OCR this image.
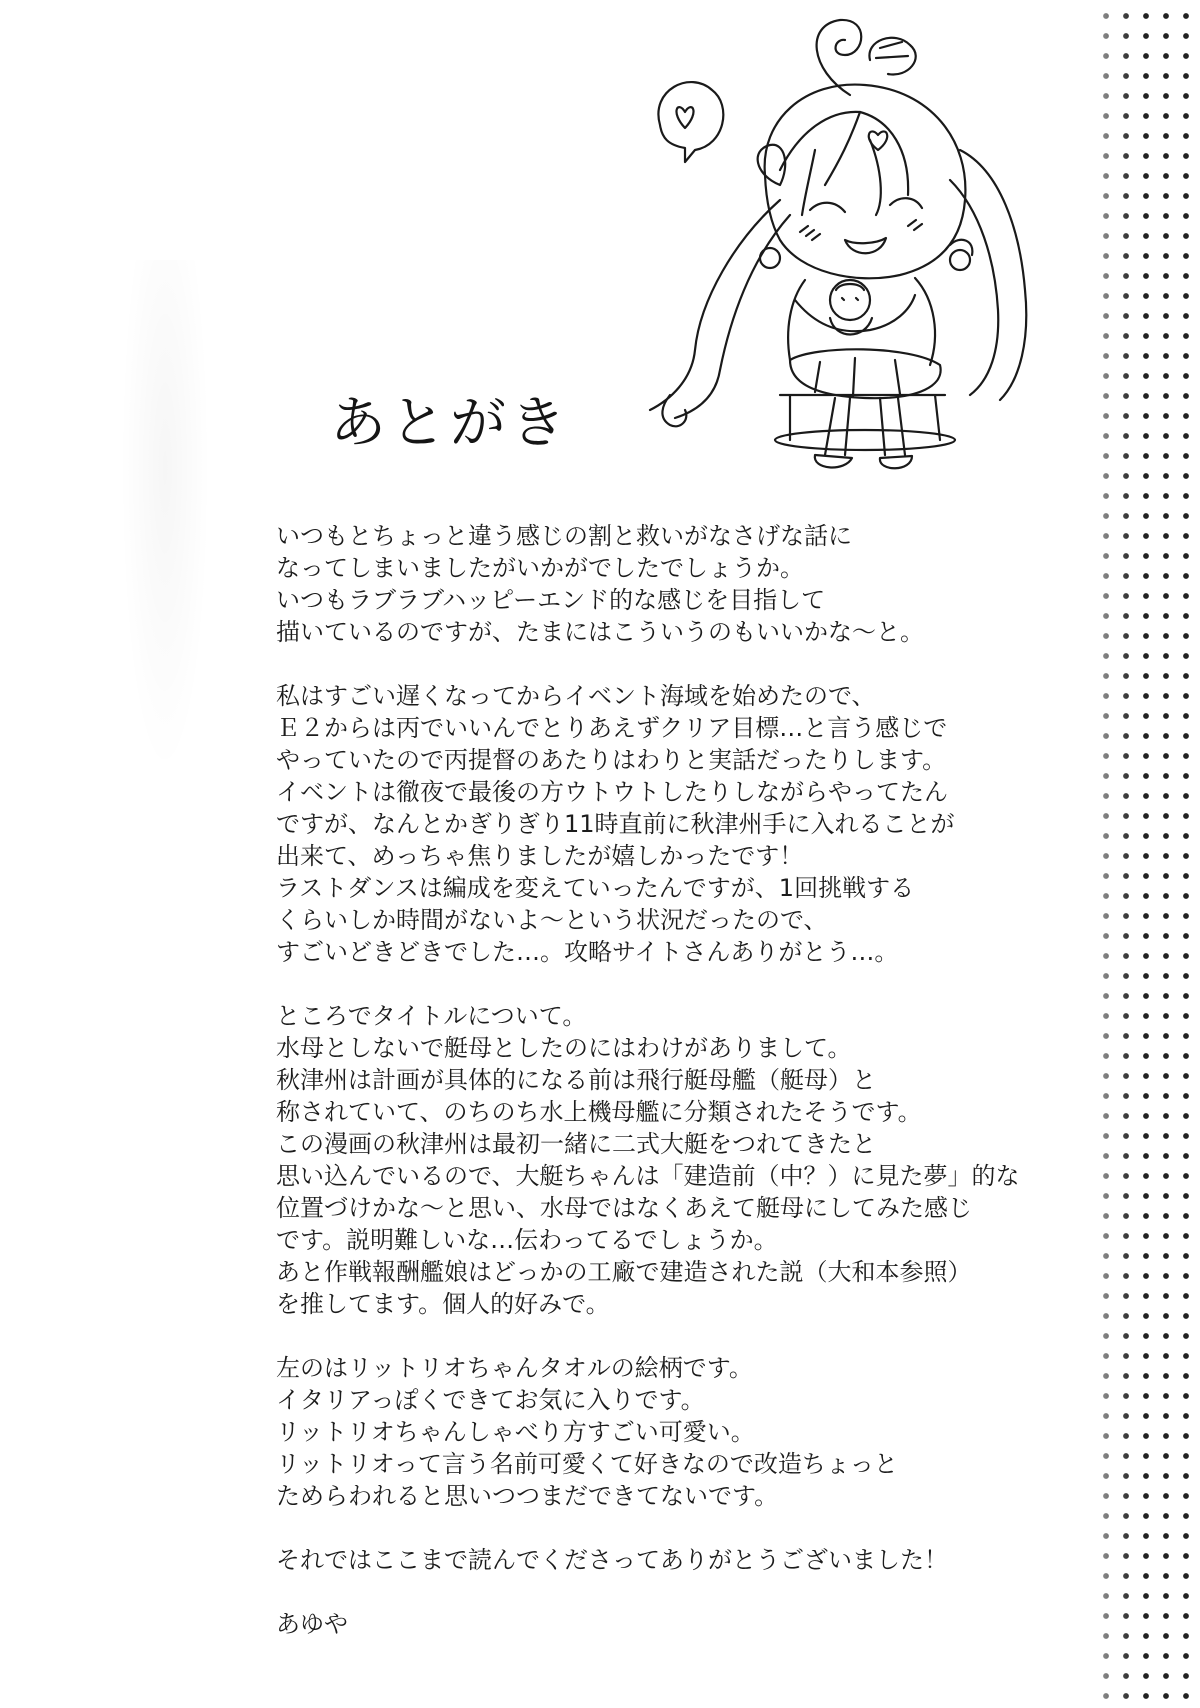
あとがき
いつもとちょっと違う感じの割と救いがなさげな話に
なってしまいましたがいかがでしたでしょうか。
いつもラブラブハッピーエンド的な感じを目指して
描いているのですが、たまにはこういうのもいいかな〜と。
私はすごい遅くなってからイベント海域を始めたので、
Ｅ２からは丙でいいんでとりあえずクリア目標…と言う感じで
やっていたので丙提督のあたりはわりと実話だったりします。
イベントは徹夜で最後の方ウトウトしたりしながらやってたん
ですが、なんとかぎりぎり11時直前に秋津州手に入れることが
出来て、めっちゃ焦りましたが嬉しかったです！
ラストダンスは編成を変えていったんですが、1回挑戦する
くらいしか時間がないよ〜という状況だったので、
すごいどきどきでした…。攻略サイトさんありがとう…。
ところでタイトルについて。
水母としないで艇母としたのにはわけがありまして。
秋津州は計画が具体的になる前は飛行艇母艦（艇母）と
称されていて、のちのち水上機母艦に分類されたそうです。
この漫画の秋津州は最初一緒に二式大艇をつれてきたと
思い込んでいるので、大艇ちゃんは「建造前（中？）に見た夢」的な
位置づけかな〜と思い、水母ではなくあえて艇母にしてみた感じ
です。説明難しいな…伝わってるでしょうか。
あと作戦報酬艦娘はどっかの工廠で建造された説（大和本参照）
を推してます。個人的好みで。
左のはリットリオちゃんタオルの絵柄です。
イタリアっぽくできてお気に入りです。
リットリオちゃんしゃべり方すごい可愛い。
リットリオって言う名前可愛くて好きなので改造ちょっと
ためらわれると思いつつまだできてないです。
それではここまで読んでくださってありがとうございました！
あゆや
